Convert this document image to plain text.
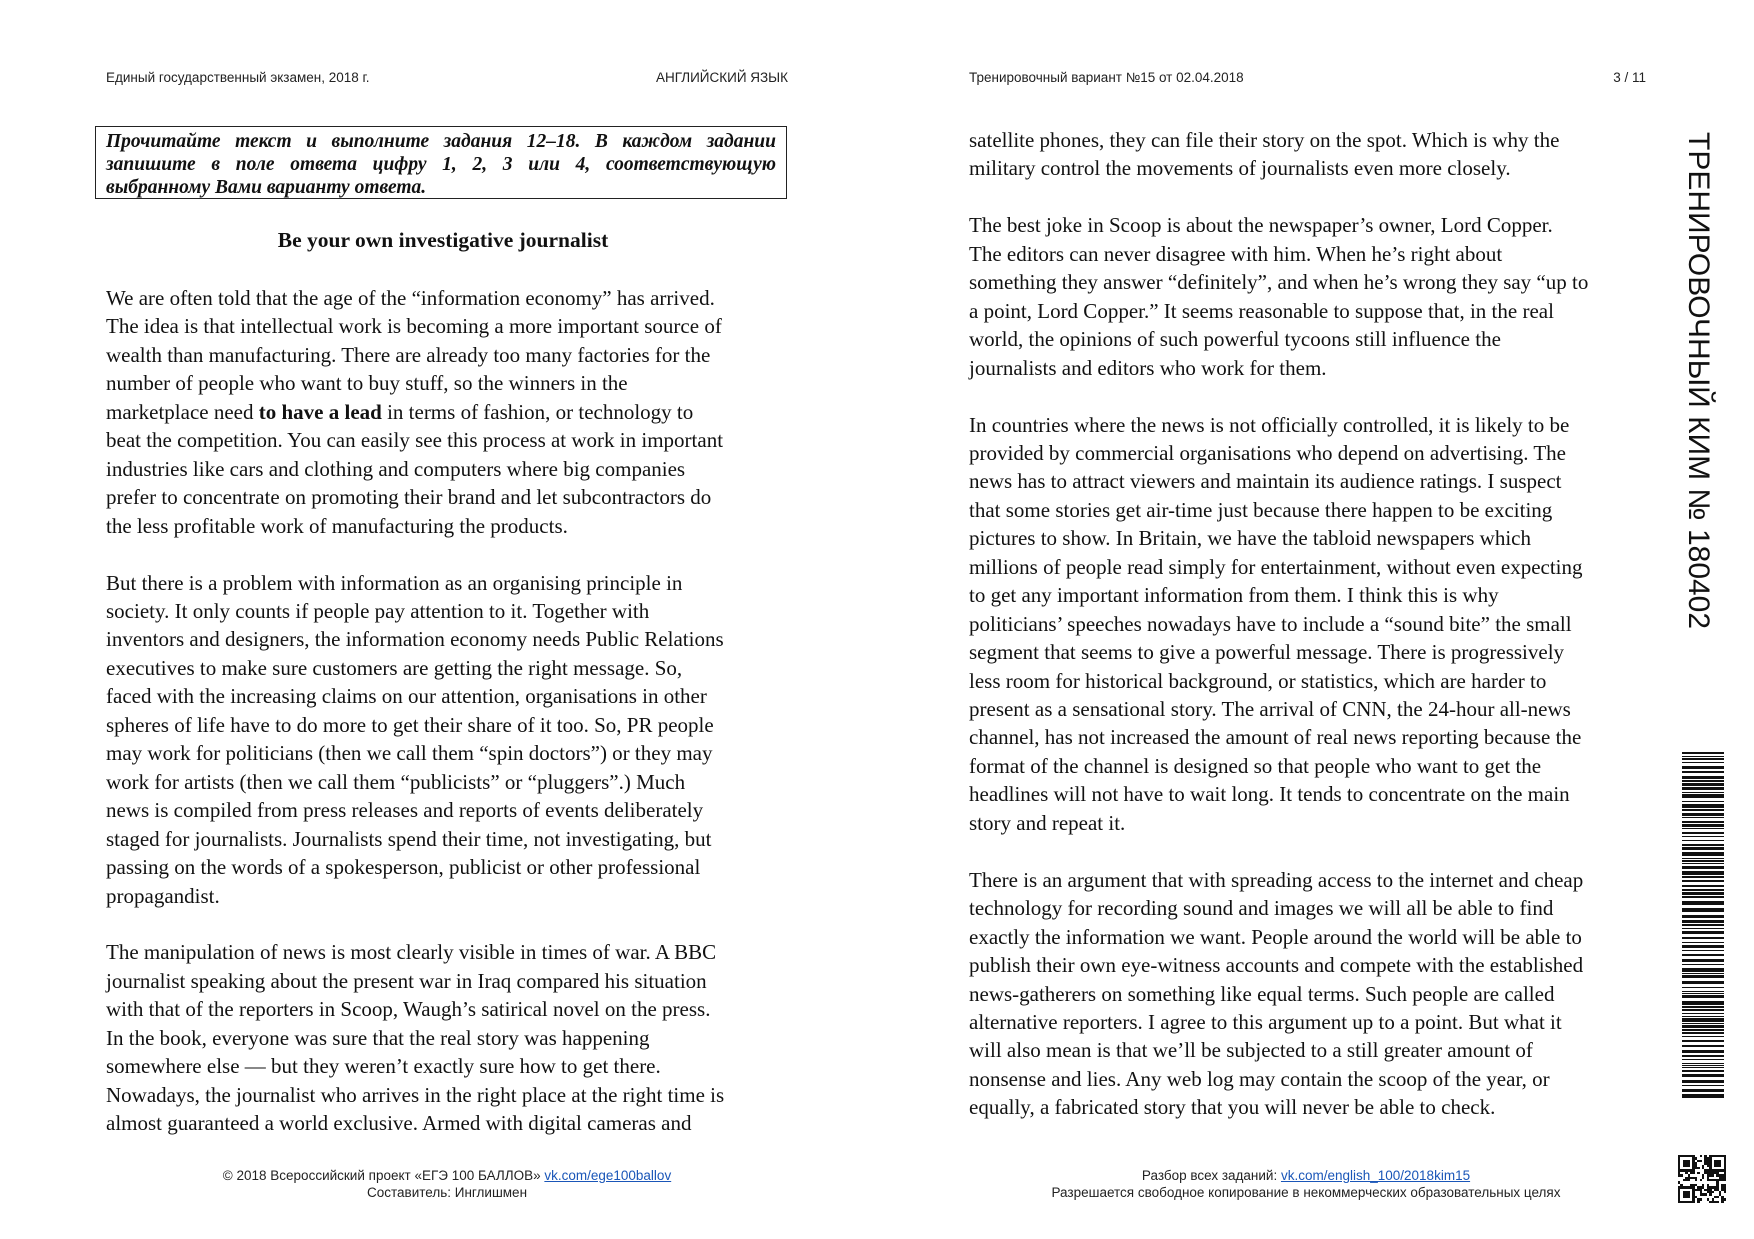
Единый государственный экзамен, 2018 г.	АНГЛИЙСКИЙ ЯЗЫК	Тренировочный вариант №15 от 02.04.2018	3 / 11
Прочитайте текст и выполните задания 12–18. В каждом задании
запишите в поле ответа цифру 1, 2, 3 или 4, соответствующую
выбранному Вами варианту ответа.
Be your own investigative journalist
We are often told that the age of the “information economy” has arrived.
The idea is that intellectual work is becoming a more important source of
wealth than manufacturing. There are already too many factories for the
number of people who want to buy stuff, so the winners in the
marketplace need to have a lead in terms of fashion, or technology to
beat the competition. You can easily see this process at work in important
industries like cars and clothing and computers where big companies
prefer to concentrate on promoting their brand and let subcontractors do
the less profitable work of manufacturing the products.
But there is a problem with information as an organising principle in
society. It only counts if people pay attention to it. Together with
inventors and designers, the information economy needs Public Relations
executives to make sure customers are getting the right message. So,
faced with the increasing claims on our attention, organisations in other
spheres of life have to do more to get their share of it too. So, PR people
may work for politicians (then we call them “spin doctors”) or they may
work for artists (then we call them “publicists” or “pluggers”.) Much
news is compiled from press releases and reports of events deliberately
staged for journalists. Journalists spend their time, not investigating, but
passing on the words of a spokesperson, publicist or other professional
propagandist.
The manipulation of news is most clearly visible in times of war. A BBC
journalist speaking about the present war in Iraq compared his situation
with that of the reporters in Scoop, Waugh’s satirical novel on the press.
In the book, everyone was sure that the real story was happening
somewhere else — but they weren’t exactly sure how to get there.
Nowadays, the journalist who arrives in the right place at the right time is
almost guaranteed a world exclusive. Armed with digital cameras and
satellite phones, they can file their story on the spot. Which is why the
military control the movements of journalists even more closely.
The best joke in Scoop is about the newspaper’s owner, Lord Copper.
The editors can never disagree with him. When he’s right about
something they answer “definitely”, and when he’s wrong they say “up to
a point, Lord Copper.” It seems reasonable to suppose that, in the real
world, the opinions of such powerful tycoons still influence the
journalists and editors who work for them.
In countries where the news is not officially controlled, it is likely to be
provided by commercial organisations who depend on advertising. The
news has to attract viewers and maintain its audience ratings. I suspect
that some stories get air-time just because there happen to be exciting
pictures to show. In Britain, we have the tabloid newspapers which
millions of people read simply for entertainment, without even expecting
to get any important information from them. I think this is why
politicians’ speeches nowadays have to include a “sound bite” the small
segment that seems to give a powerful message. There is progressively
less room for historical background, or statistics, which are harder to
present as a sensational story. The arrival of CNN, the 24-hour all-news
channel, has not increased the amount of real news reporting because the
format of the channel is designed so that people who want to get the
headlines will not have to wait long. It tends to concentrate on the main
story and repeat it.
There is an argument that with spreading access to the internet and cheap
technology for recording sound and images we will all be able to find
exactly the information we want. People around the world will be able to
publish their own eye-witness accounts and compete with the established
news-gatherers on something like equal terms. Such people are called
alternative reporters. I agree to this argument up to a point. But what it
will also mean is that we’ll be subjected to a still greater amount of
nonsense and lies. Any web log may contain the scoop of the year, or
equally, a fabricated story that you will never be able to check.
ТРЕНИРОВОЧНЫЙ КИМ № 180402
© 2018 Всероссийский проект «ЕГЭ 100 БАЛЛОВ» vk.com/ege100ballov
Составитель: Инглишмен
Разбор всех заданий: vk.com/english_100/2018kim15
Разрешается свободное копирование в некоммерческих образовательных целях
